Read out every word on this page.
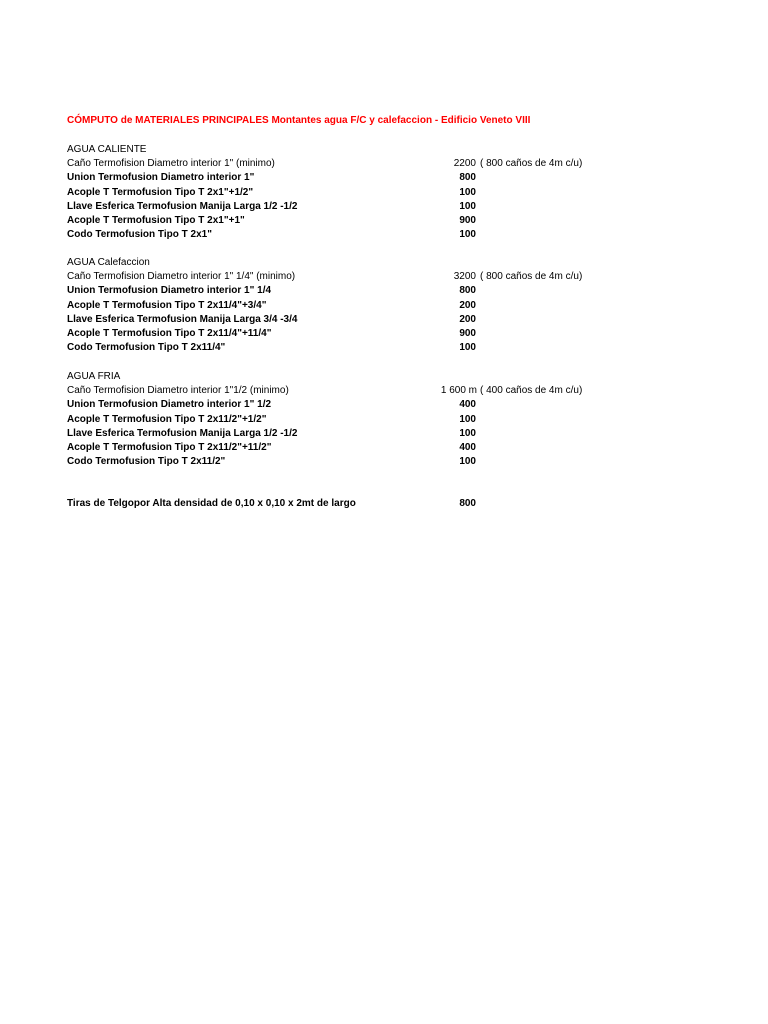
CÓMPUTO de MATERIALES PRINCIPALES Montantes agua F/C y calefaccion - Edificio Veneto VIII
AGUA CALIENTE
Caño Termofision Diametro interior 1" (minimo)	2200 ( 800 caños de 4m c/u)
Union Termofusion Diametro interior 1"	800
Acople T Termofusion Tipo T 2x1"+1/2"	100
Llave Esferica Termofusion Manija Larga 1/2 -1/2	100
Acople T Termofusion Tipo T 2x1"+1"	900
Codo Termofusion Tipo T 2x1"	100
AGUA Calefaccion
Caño Termofision Diametro interior 1" 1/4" (minimo)	3200 ( 800 caños de 4m c/u)
Union Termofusion Diametro interior 1" 1/4	800
Acople T Termofusion Tipo T 2x11/4"+3/4"	200
Llave Esferica Termofusion Manija Larga 3/4 -3/4	200
Acople T Termofusion Tipo T 2x11/4"+11/4"	900
Codo Termofusion Tipo T 2x11/4"	100
AGUA FRIA
Caño Termofision Diametro interior 1"1/2 (minimo)	1 600 m ( 400 caños de 4m c/u)
Union Termofusion Diametro interior 1" 1/2	400
Acople T Termofusion Tipo T 2x11/2"+1/2"	100
Llave Esferica Termofusion Manija Larga 1/2 -1/2	100
Acople T Termofusion Tipo T 2x11/2"+11/2"	400
Codo Termofusion Tipo T 2x11/2"	100
Tiras de Telgopor Alta densidad de 0,10 x 0,10 x 2mt de largo	800
